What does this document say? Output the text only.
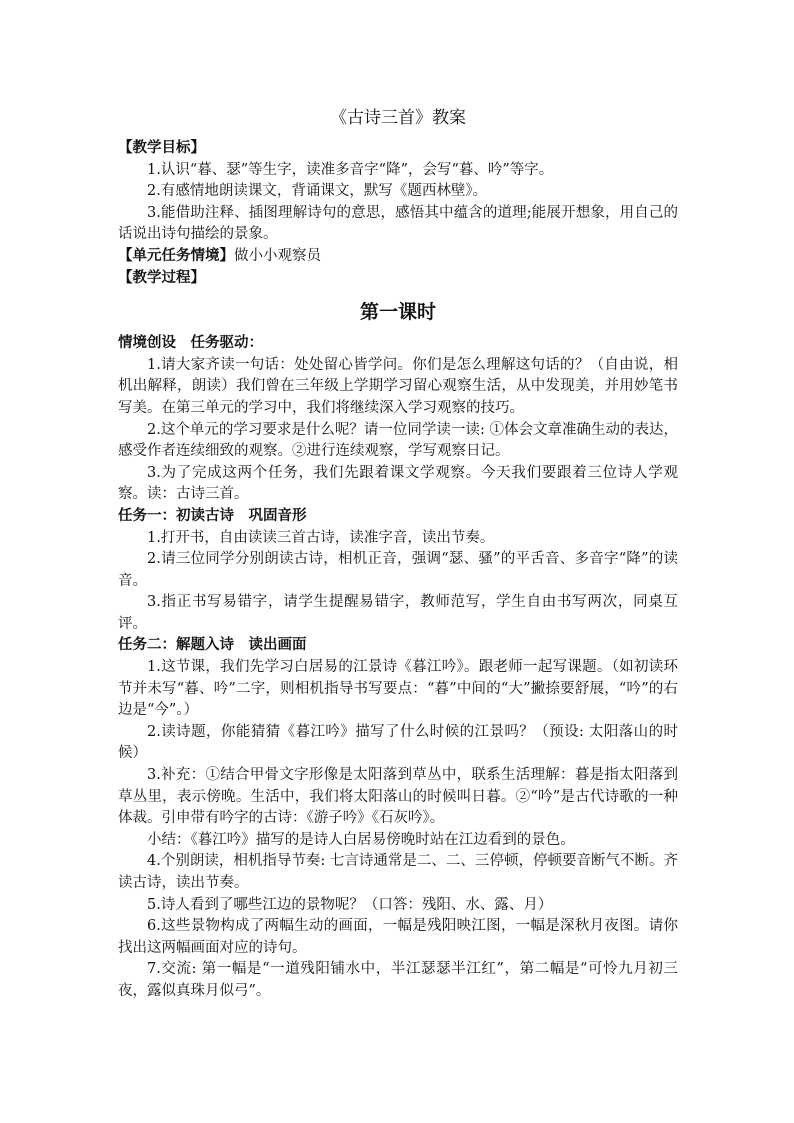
《古诗三首》教案
【教学目标】

1.认识“暮、瑟”等生字，读准多音字“降”，会写“暮、吟”等字。

2.有感情地朗读课文，背诵课文，默写《题西林壁》。

3.能借助注释、插图理解诗句的意思，感悟其中蕴含的道理;能展开想象，用自己的话说出诗句描绘的景象。

【单元任务情境】做小小观察员
【教学过程】
第一课时
情境创设　任务驱动：

1.请大家齐读一句话：处处留心皆学问。你们是怎么理解这句话的？（自由说，相机出解释，朗读）我们曾在三年级上学期学习留心观察生活，从中发现美，并用妙笔书写美。在第三单元的学习中，我们将继续深入学习观察的技巧。

2.这个单元的学习要求是什么呢？请一位同学读一读: ①体会文章准确生动的表达，感受作者连续细致的观察。②进行连续观察，学写观察日记。

3.为了完成这两个任务，我们先跟着课文学观察。今天我们要跟着三位诗人学观察。读：古诗三首。

任务一：初读古诗　巩固音形

1.打开书，自由读读三首古诗，读准字音，读出节奏。

2.请三位同学分别朗读古诗，相机正音，强调“瑟、骚”的平舌音、多音字“降”的读音。

3.指正书写易错字，请学生提醒易错字，教师范写，学生自由书写两次，同桌互评。

任务二：解题入诗　读出画面

1.这节课，我们先学习白居易的江景诗《暮江吟》。跟老师一起写课题。（如初读环节并未写“暮、吟”二字，则相机指导书写要点：“暮”中间的“大”撇捺要舒展，“吟”的右边是“今”。）

2.读诗题，你能猜猜《暮江吟》描写了什么时候的江景吗？（预设: 太阳落山的时候）

3.补充：①结合甲骨文字形像是太阳落到草丛中，联系生活理解：暮是指太阳落到草丛里，表示傍晚。生活中，我们将太阳落山的时候叫日暮。②“吟”是古代诗歌的一种体裁。引申带有吟字的古诗：《游子吟》《石灰吟》。

小结：《暮江吟》描写的是诗人白居易傍晚时站在江边看到的景色。

4.个别朗读，相机指导节奏: 七言诗通常是二、二、三停顿，停顿要音断气不断。齐读古诗，读出节奏。

5.诗人看到了哪些江边的景物呢？（口答：残阳、水、露、月）

6.这些景物构成了两幅生动的画面，一幅是残阳映江图，一幅是深秋月夜图。请你找出这两幅画面对应的诗句。

7.交流: 第一幅是“一道残阳铺水中，半江瑟瑟半江红”，第二幅是“可怜九月初三夜，露似真珠月似弓”。
